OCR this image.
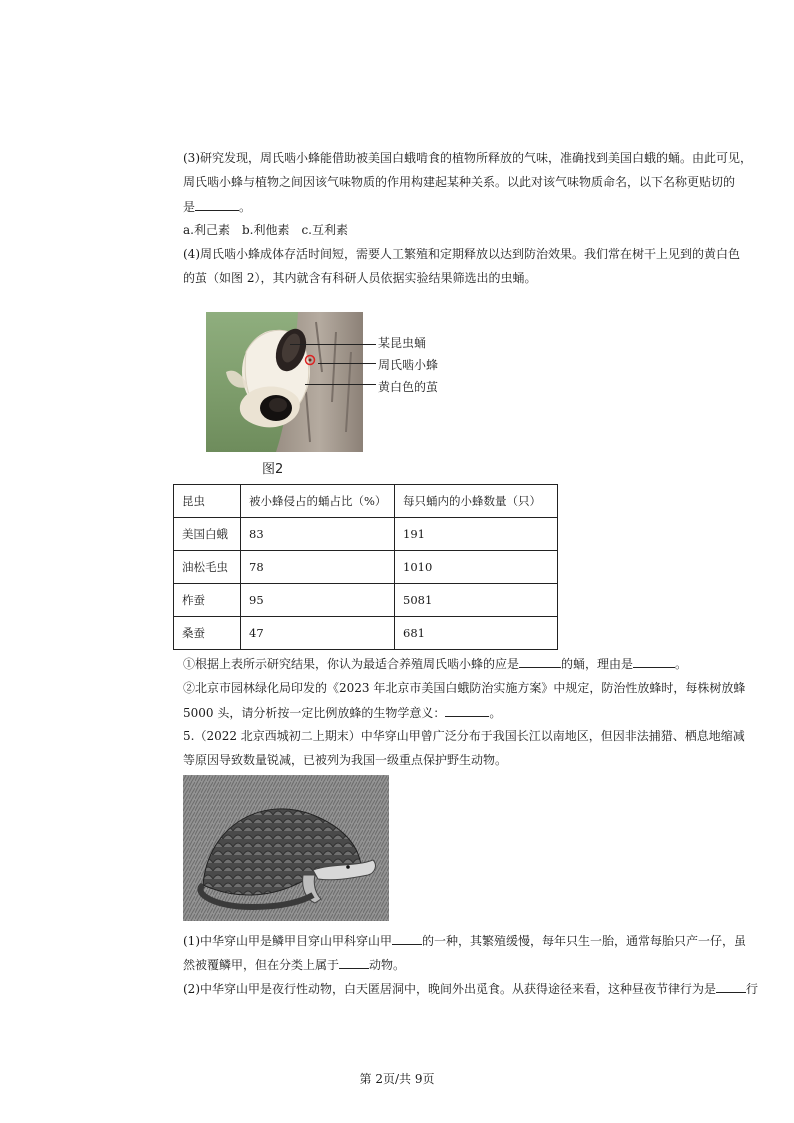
(3)研究发现，周氏啮小蜂能借助被美国白蛾啃食的植物所释放的气味，准确找到美国白蛾的蛹。由此可见，
周氏啮小蜂与植物之间因该气味物质的作用构建起某种关系。以此对该气味物质命名，以下名称更贴切的
是	。
a.利己素　b.利他素　c.互利素
(4)周氏啮小蜂成体存活时间短，需要人工繁殖和定期释放以达到防治效果。我们常在树干上见到的黄白色
的茧（如图 2），其内就含有科研人员依据实验结果筛选出的虫蛹。
某昆虫蛹
周氏啮小蜂
黄白色的茧
图2
昆虫	被小蜂侵占的蛹占比（%）	每只蛹内的小蜂数量（只）
美国白蛾	83	191
油松毛虫	78	1010
柞蚕	95	5081
桑蚕	47	681
①根据上表所示研究结果，你认为最适合养殖周氏啮小蜂的应是	的蛹，理由是	。
②北京市园林绿化局印发的《2023 年北京市美国白蛾防治实施方案》中规定，防治性放蜂时，每株树放蜂
5000 头，请分析按一定比例放蜂的生物学意义：	。
5.（2022 北京西城初二上期末）中华穿山甲曾广泛分布于我国长江以南地区，但因非法捕猎、栖息地缩减
等原因导致数量锐减，已被列为我国一级重点保护野生动物。
(1)中华穿山甲是鳞甲目穿山甲科穿山甲	的一种，其繁殖缓慢，每年只生一胎，通常每胎只产一仔，虽
然被覆鳞甲，但在分类上属于	动物。
(2)中华穿山甲是夜行性动物，白天匿居洞中，晚间外出觅食。从获得途径来看，这种昼夜节律行为是	行
第 2页/共 9页
